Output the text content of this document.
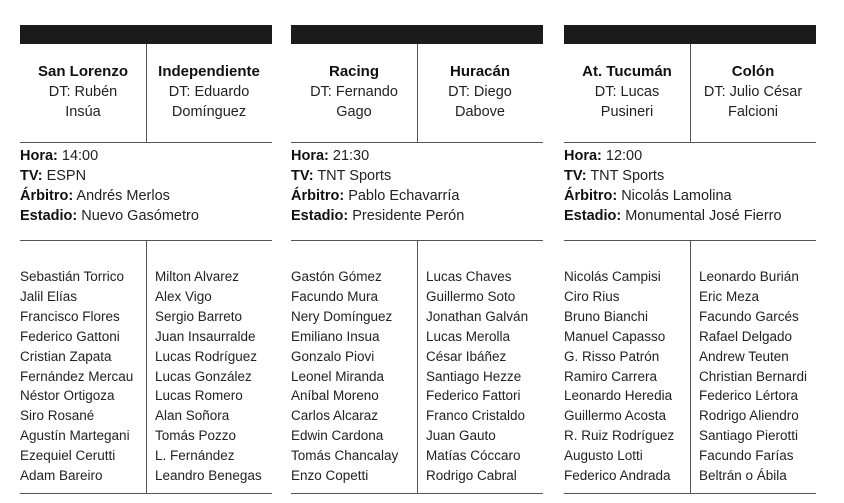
San Lorenzo
DT: Rubén
Insúa
Independiente
DT: Eduardo
Domínguez
Hora: 14:00
TV: ESPN
Árbitro: Andrés Merlos
Estadio: Nuevo Gasómetro
Sebastián Torrico
Jalil Elías
Francisco Flores
Federico Gattoni
Cristian Zapata
Fernández Mercau
Néstor Ortigoza
Siro Rosané
Agustín Martegani
Ezequiel Cerutti
Adam Bareiro
Milton Alvarez
Alex Vigo
Sergio Barreto
Juan Insaurralde
Lucas Rodríguez
Lucas González
Lucas Romero
Alan Soñora
Tomás Pozzo
L. Fernández
Leandro Benegas
Racing
DT: Fernando
Gago
Huracán
DT: Diego
Dabove
Hora: 21:30
TV: TNT Sports
Árbitro: Pablo Echavarría
Estadio: Presidente Perón
Gastón Gómez
Facundo Mura
Nery Domínguez
Emiliano Insua
Gonzalo Piovi
Leonel Miranda
Aníbal Moreno
Carlos Alcaraz
Edwin Cardona
Tomás Chancalay
Enzo Copetti
Lucas Chaves
Guillermo Soto
Jonathan Galván
Lucas Merolla
César Ibáñez
Santiago Hezze
Federico Fattori
Franco Cristaldo
Juan Gauto
Matías Cóccaro
Rodrigo Cabral
At. Tucumán
DT: Lucas
Pusineri
Colón
DT: Julio César
Falcioni
Hora: 12:00
TV: TNT Sports
Árbitro: Nicolás Lamolina
Estadio: Monumental José Fierro
Nicolás Campisi
Ciro Rius
Bruno Bianchi
Manuel Capasso
G. Risso Patrón
Ramiro Carrera
Leonardo Heredia
Guillermo Acosta
R. Ruiz Rodríguez
Augusto Lotti
Federico Andrada
Leonardo Burián
Eric Meza
Facundo Garcés
Rafael Delgado
Andrew Teuten
Christian Bernardi
Federico Lértora
Rodrigo Aliendro
Santiago Pierotti
Facundo Farías
Beltrán o Ábila
